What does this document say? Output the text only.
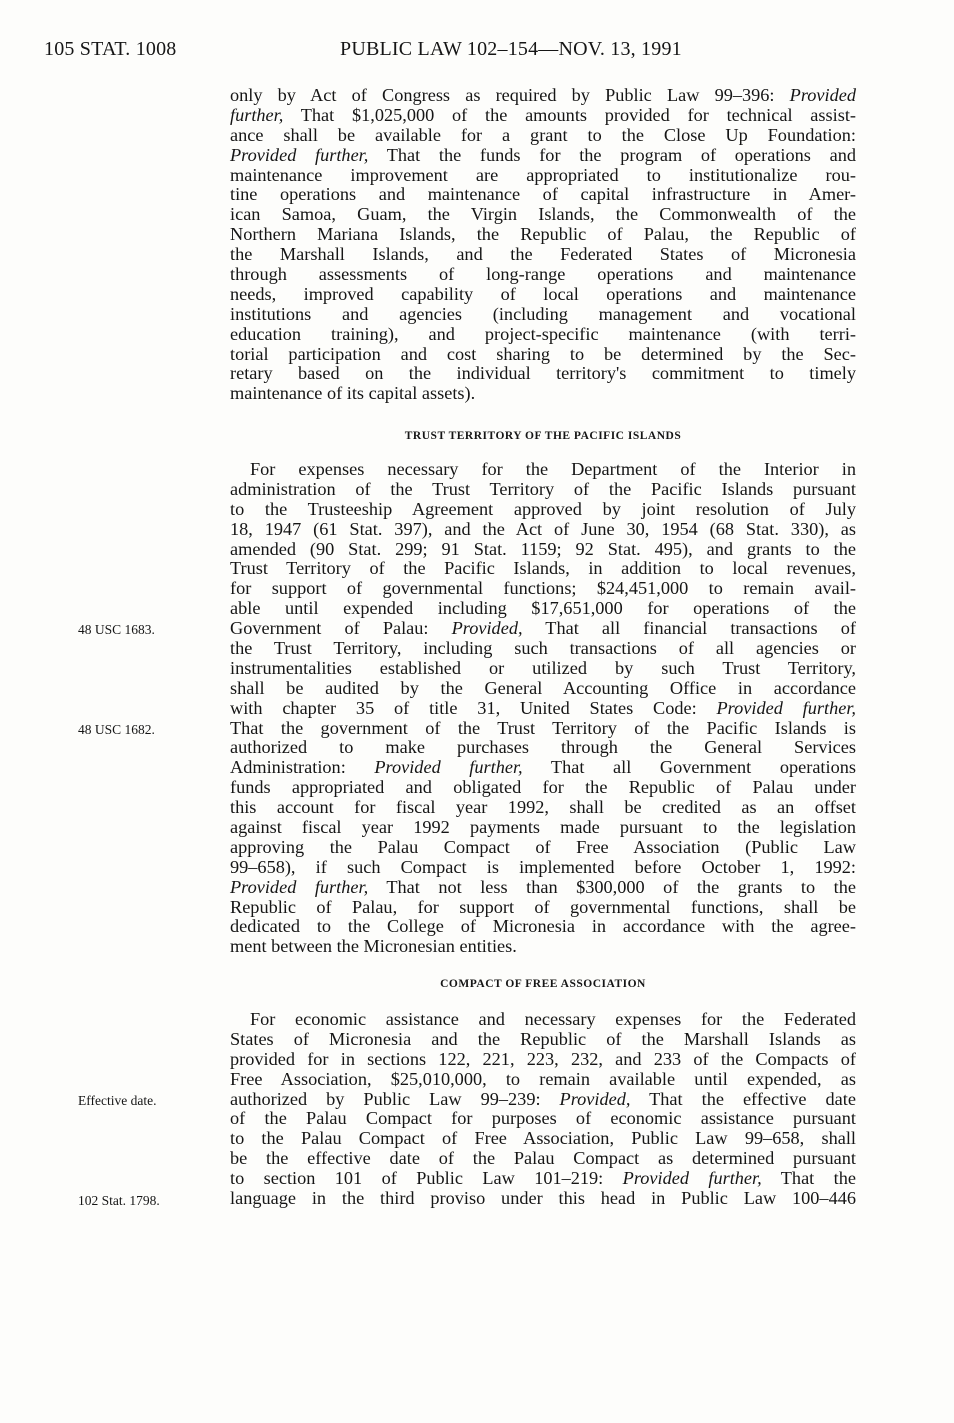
105 STAT. 1008	PUBLIC LAW 102–154—NOV. 13, 1991
only by Act of Congress as required by Public Law 99–396: Provided
further, That $1,025,000 of the amounts provided for technical assist-
ance shall be available for a grant to the Close Up Foundation:
Provided further, That the funds for the program of operations and
maintenance improvement are appropriated to institutionalize rou-
tine operations and maintenance of capital infrastructure in Amer-
ican Samoa, Guam, the Virgin Islands, the Commonwealth of the
Northern Mariana Islands, the Republic of Palau, the Republic of
the Marshall Islands, and the Federated States of Micronesia
through assessments of long-range operations and maintenance
needs, improved capability of local operations and maintenance
institutions and agencies (including management and vocational
education training), and project-specific maintenance (with terri-
torial participation and cost sharing to be determined by the Sec-
retary based on the individual territory's commitment to timely
maintenance of its capital assets).
TRUST TERRITORY OF THE PACIFIC ISLANDS
For expenses necessary for the Department of the Interior in
administration of the Trust Territory of the Pacific Islands pursuant
to the Trusteeship Agreement approved by joint resolution of July
18, 1947 (61 Stat. 397), and the Act of June 30, 1954 (68 Stat. 330), as
amended (90 Stat. 299; 91 Stat. 1159; 92 Stat. 495), and grants to the
Trust Territory of the Pacific Islands, in addition to local revenues,
for support of governmental functions; $24,451,000 to remain avail-
able until expended including $17,651,000 for operations of the
Government of Palau: Provided, That all financial transactions of
the Trust Territory, including such transactions of all agencies or
instrumentalities established or utilized by such Trust Territory,
shall be audited by the General Accounting Office in accordance
with chapter 35 of title 31, United States Code: Provided further,
That the government of the Trust Territory of the Pacific Islands is
authorized to make purchases through the General Services
Administration: Provided further, That all Government operations
funds appropriated and obligated for the Republic of Palau under
this account for fiscal year 1992, shall be credited as an offset
against fiscal year 1992 payments made pursuant to the legislation
approving the Palau Compact of Free Association (Public Law
99–658), if such Compact is implemented before October 1, 1992:
Provided further, That not less than $300,000 of the grants to the
Republic of Palau, for support of governmental functions, shall be
dedicated to the College of Micronesia in accordance with the agree-
ment between the Micronesian entities.
COMPACT OF FREE ASSOCIATION
For economic assistance and necessary expenses for the Federated
States of Micronesia and the Republic of the Marshall Islands as
provided for in sections 122, 221, 223, 232, and 233 of the Compacts of
Free Association, $25,010,000, to remain available until expended, as
authorized by Public Law 99–239: Provided, That the effective date
of the Palau Compact for purposes of economic assistance pursuant
to the Palau Compact of Free Association, Public Law 99–658, shall
be the effective date of the Palau Compact as determined pursuant
to section 101 of Public Law 101–219: Provided further, That the
language in the third proviso under this head in Public Law 100–446
48 USC 1683.
48 USC 1682.
Effective date.
102 Stat. 1798.
